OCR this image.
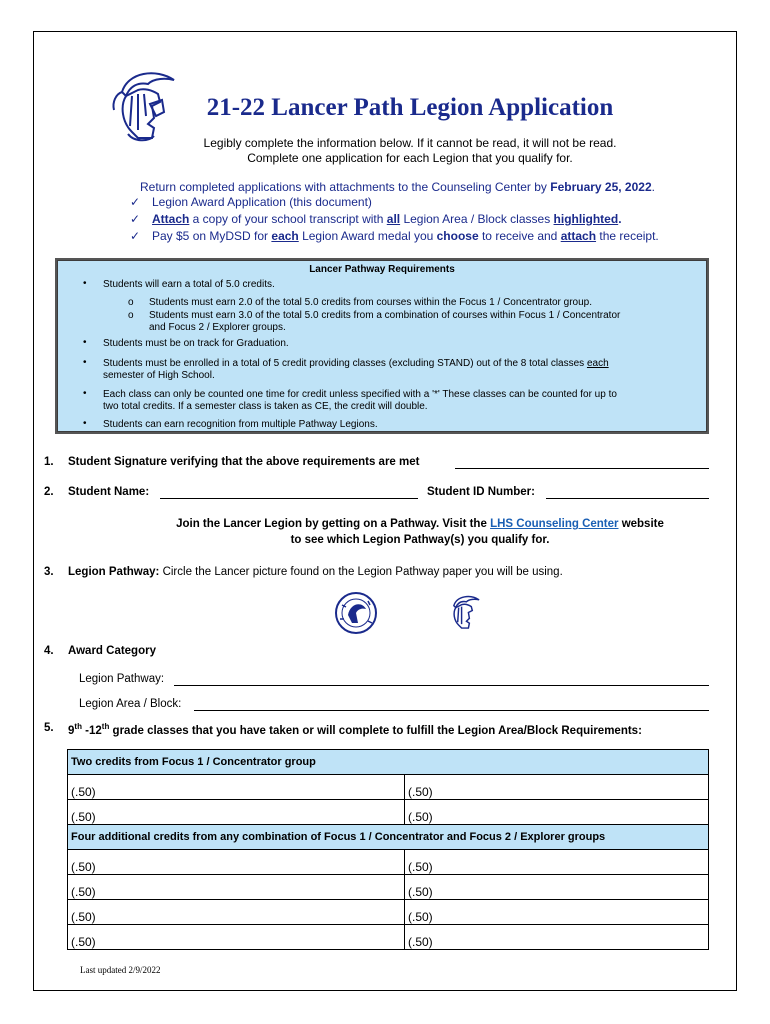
21-22 Lancer Path Legion Application
Legibly complete the information below. If it cannot be read, it will not be read.
Complete one application for each Legion that you qualify for.
Return completed applications with attachments to the Counseling Center by February 25, 2022.
✓ Legion Award Application (this document)
✓ Attach a copy of your school transcript with all Legion Area / Block classes highlighted.
✓ Pay $5 on MyDSD for each Legion Award medal you choose to receive and attach the receipt.
Lancer Pathway Requirements
• Students will earn a total of 5.0 credits.
o Students must earn 2.0 of the total 5.0 credits from courses within the Focus 1 / Concentrator group.
o Students must earn 3.0 of the total 5.0 credits from a combination of courses within Focus 1 / Concentrator
and Focus 2 / Explorer groups.
• Students must be on track for Graduation.
• Students must be enrolled in a total of 5 credit providing classes (excluding STAND) out of the 8 total classes each
semester of High School.
• Each class can only be counted one time for credit unless specified with a '*' These classes can be counted for up to
two total credits. If a semester class is taken as CE, the credit will double.
• Students can earn recognition from multiple Pathway Legions.
1. Student Signature verifying that the above requirements are met
2. Student Name:	Student ID Number:
Join the Lancer Legion by getting on a Pathway. Visit the LHS Counseling Center website
to see which Legion Pathway(s) you qualify for.
3. Legion Pathway: Circle the Lancer picture found on the Legion Pathway paper you will be using.
4. Award Category
Legion Pathway:
Legion Area / Block:
5. 9th -12th grade classes that you have taken or will complete to fulfill the Legion Area/Block Requirements:
Two credits from Focus 1 / Concentrator group	
(.50)	(.50)
(.50)	(.50)
Four additional credits from any combination of Focus 1 / Concentrator and Focus 2 / Explorer groups	
(.50)	(.50)
(.50)	(.50)
(.50)	(.50)
(.50)	(.50)
Last updated 2/9/2022
